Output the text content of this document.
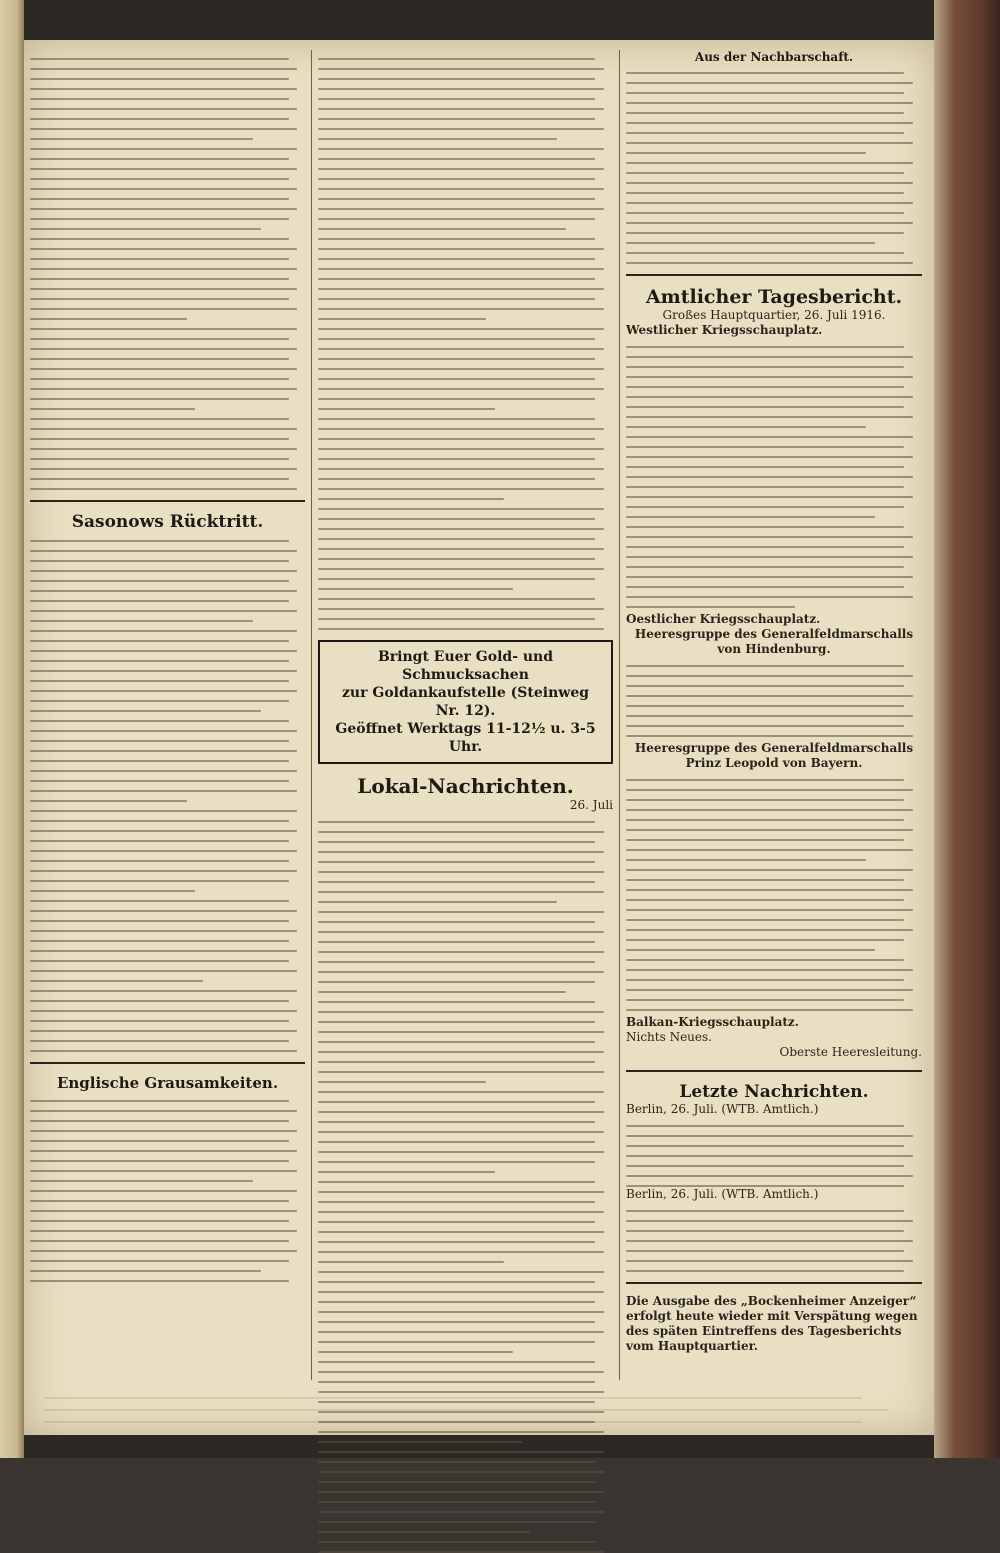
Sasonows Rücktritt.
Englische Grausamkeiten.
Bringt Euer Gold- und Schmucksachen
zur Goldankaufstelle (Steinweg Nr. 12).
Geöffnet Werktags 11-12½ u. 3-5 Uhr.
Lokal-Nachrichten.
26. Juli
Aus der Nachbarschaft.
Amtlicher Tagesbericht.
Großes Hauptquartier, 26. Juli 1916.
Westlicher Kriegsschauplatz.
Oestlicher Kriegsschauplatz.
Heeresgruppe des Generalfeldmarschalls von Hindenburg.
Heeresgruppe des Generalfeldmarschalls Prinz Leopold von Bayern.
Balkan-Kriegsschauplatz.
Nichts Neues.
Oberste Heeresleitung.
Letzte Nachrichten.
Berlin, 26. Juli. (WTB. Amtlich.)
Berlin, 26. Juli. (WTB. Amtlich.)
Die Ausgabe des „Bockenheimer Anzeiger“ erfolgt heute wieder mit Verspätung wegen des späten Eintreffens des Tagesberichts vom Hauptquartier.
